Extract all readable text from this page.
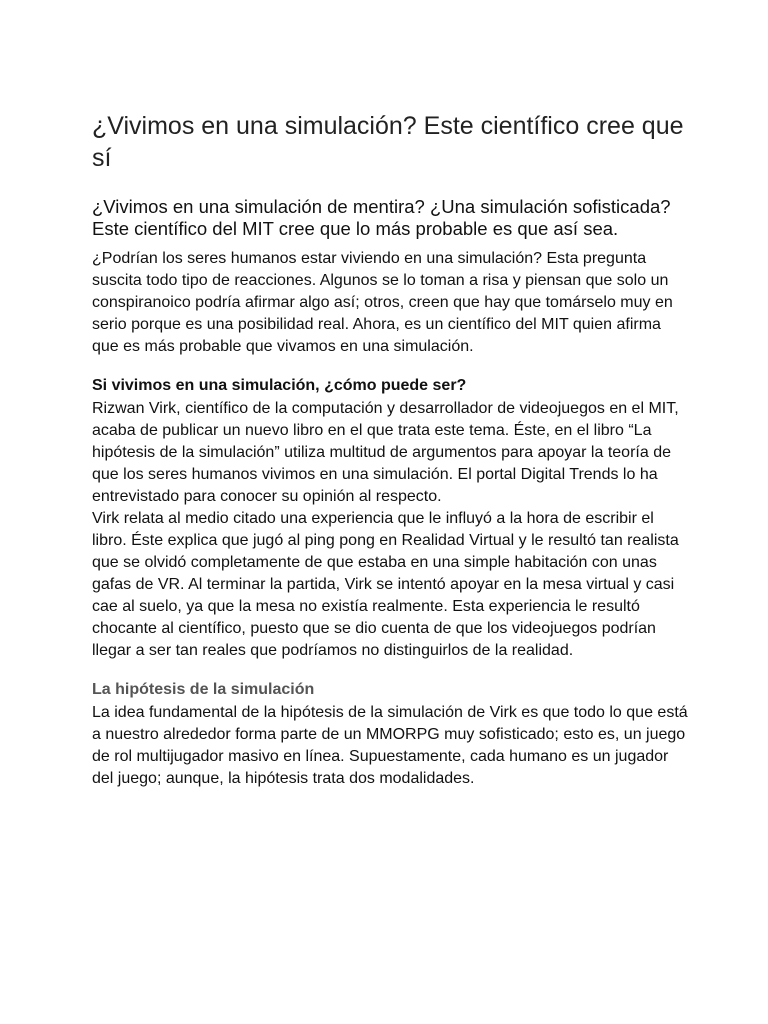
¿Vivimos en una simulación? Este científico cree que sí

¿Vivimos en una simulación de mentira? ¿Una simulación sofisticada? Este científico del MIT cree que lo más probable es que así sea.

¿Podrían los seres humanos estar viviendo en una simulación? Esta pregunta suscita todo tipo de reacciones. Algunos se lo toman a risa y piensan que solo un conspiranoico podría afirmar algo así; otros, creen que hay que tomárselo muy en serio porque es una posibilidad real. Ahora, es un científico del MIT quien afirma que es más probable que vivamos en una simulación.

Si vivimos en una simulación, ¿cómo puede ser?

Rizwan Virk, científico de la computación y desarrollador de videojuegos en el MIT, acaba de publicar un nuevo libro en el que trata este tema. Éste, en el libro “La hipótesis de la simulación” utiliza multitud de argumentos para apoyar la teoría de que los seres humanos vivimos en una simulación. El portal Digital Trends lo ha entrevistado para conocer su opinión al respecto.

Virk relata al medio citado una experiencia que le influyó a la hora de escribir el libro. Éste explica que jugó al ping pong en Realidad Virtual y le resultó tan realista que se olvidó completamente de que estaba en una simple habitación con unas gafas de VR. Al terminar la partida, Virk se intentó apoyar en la mesa virtual y casi cae al suelo, ya que la mesa no existía realmente. Esta experiencia le resultó chocante al científico, puesto que se dio cuenta de que los videojuegos podrían llegar a ser tan reales que podríamos no distinguirlos de la realidad.

La hipótesis de la simulación

La idea fundamental de la hipótesis de la simulación de Virk es que todo lo que está a nuestro alrededor forma parte de un MMORPG muy sofisticado; esto es, un juego de rol multijugador masivo en línea. Supuestamente, cada humano es un jugador del juego; aunque, la hipótesis trata dos modalidades.
